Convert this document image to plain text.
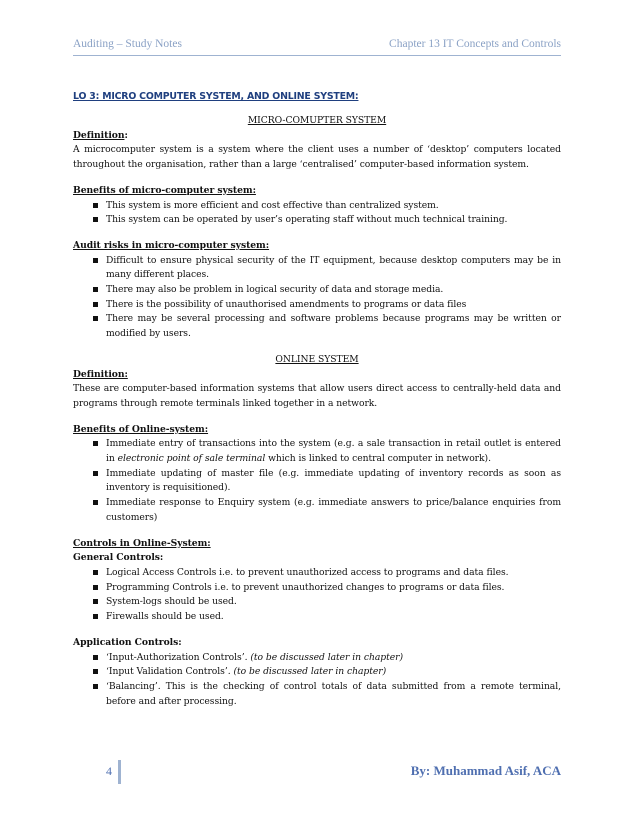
Auditing – Study Notes	Chapter 13 IT Concepts and Controls
LO 3: MICRO COMPUTER SYSTEM, AND ONLINE SYSTEM:

MICRO-COMUPTER SYSTEM

Definition:

A microcomputer system is a system where the client uses a number of ‘desktop’ computers located throughout the organisation, rather than a large ‘centralised’ computer-based information system.

Benefits of micro-computer system:

This system is more efficient and cost effective than centralized system.
This system can be operated by user’s operating staff without much technical training.

Audit risks in micro-computer system:

Difficult to ensure physical security of the IT equipment, because desktop computers may be in many different places.
There may also be problem in logical security of data and storage media.
There is the possibility of unauthorised amendments to programs or data files
There may be several processing and software problems because programs may be written or modified by users.

ONLINE SYSTEM

Definition:

These are computer-based information systems that allow users direct access to centrally-held data and programs through remote terminals linked together in a network.

Benefits of Online-system:

Immediate entry of transactions into the system (e.g. a sale transaction in retail outlet is entered in electronic point of sale terminal which is linked to central computer in network).
Immediate updating of master file (e.g. immediate updating of inventory records as soon as inventory is requisitioned).
Immediate response to Enquiry system (e.g. immediate answers to price/balance enquiries from customers)

Controls in Online-System:

General Controls:

Logical Access Controls i.e. to prevent unauthorized access to programs and data files.
Programming Controls i.e. to prevent unauthorized changes to programs or data files.
System-logs should be used.
Firewalls should be used.

Application Controls:

‘Input-Authorization Controls’. (to be discussed later in chapter)
‘Input Validation Controls’. (to be discussed later in chapter)
‘Balancing’. This is the checking of control totals of data submitted from a remote terminal, before and after processing.
4	By: Muhammad Asif, ACA
